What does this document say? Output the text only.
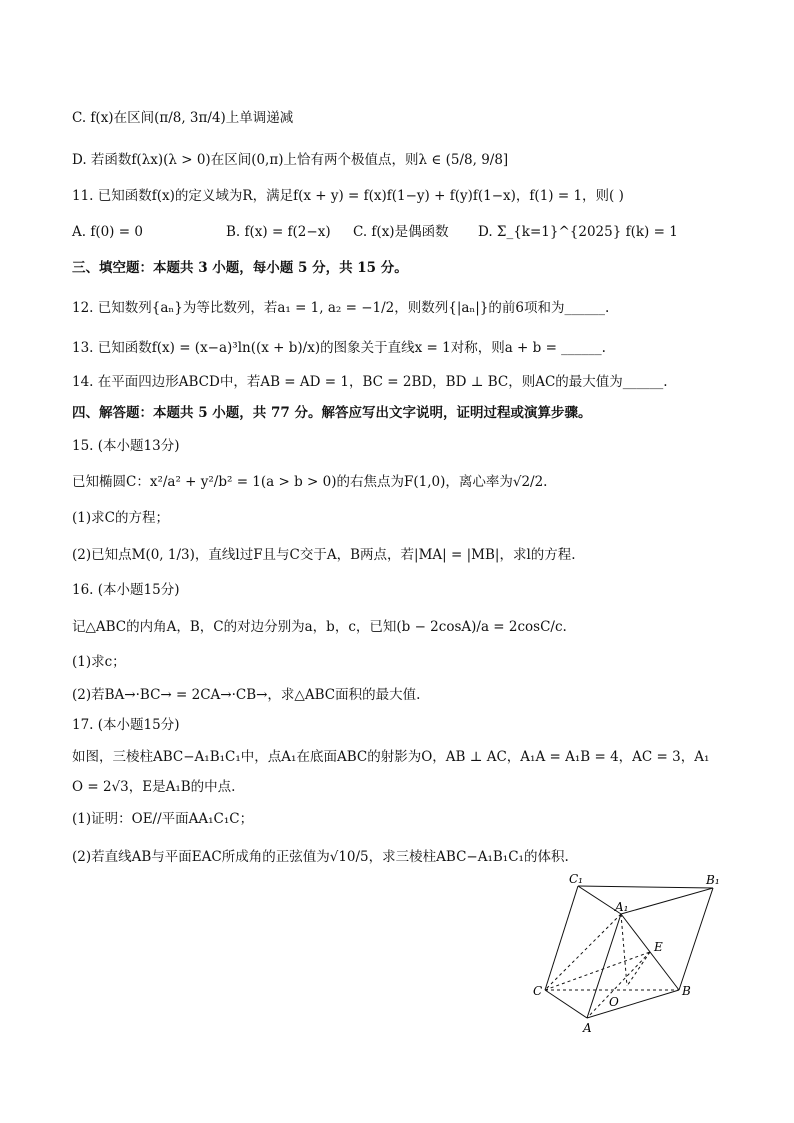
C. f(x)在区间(π/8, 3π/4)上单调递减
D. 若函数f(λx)(λ > 0)在区间(0,π)上恰有两个极值点，则λ ∈ (5/8, 9/8]
11. 已知函数f(x)的定义域为R，满足f(x + y) = f(x)f(1−y) + f(y)f(1−x)，f(1) = 1，则( )
A. f(0) = 0	B. f(x) = f(2−x) C. f(x)是偶函数 D. Σ_{k=1}^{2025} f(k) = 1
三、填空题：本题共 3 小题，每小题 5 分，共 15 分。
12. 已知数列{aₙ}为等比数列，若a₁ = 1, a₂ = −1/2，则数列{|aₙ|}的前6项和为______.
13. 已知函数f(x) = (x−a)³ln((x + b)/x)的图象关于直线x = 1对称，则a + b = ______.
14. 在平面四边形ABCD中，若AB = AD = 1，BC = 2BD，BD ⊥ BC，则AC的最大值为______.
四、解答题：本题共 5 小题，共 77 分。解答应写出文字说明，证明过程或演算步骤。
15. (本小题13分)
已知椭圆C：x²/a² + y²/b² = 1(a > b > 0)的右焦点为F(1,0)，离心率为√2/2.
(1)求C的方程；
(2)已知点M(0, 1/3)，直线l过F且与C交于A，B两点，若|MA| = |MB|，求l的方程.
16. (本小题15分)
记△ABC的内角A，B，C的对边分别为a，b，c，已知(b − 2cosA)/a = 2cosC/c.
(1)求c；
(2)若BA→·BC→ = 2CA→·CB→，求△ABC面积的最大值.
17. (本小题15分)
如图，三棱柱ABC−A₁B₁C₁中，点A₁在底面ABC的射影为O，AB ⊥ AC，A₁A = A₁B = 4，AC = 3，A₁
O = 2√3，E是A₁B的中点.
(1)证明：OE//平面AA₁C₁C；
(2)若直线AB与平面EAC所成角的正弦值为√10/5，求三棱柱ABC−A₁B₁C₁的体积.
C₁	B₁
A₁
E
C	B
O
A
